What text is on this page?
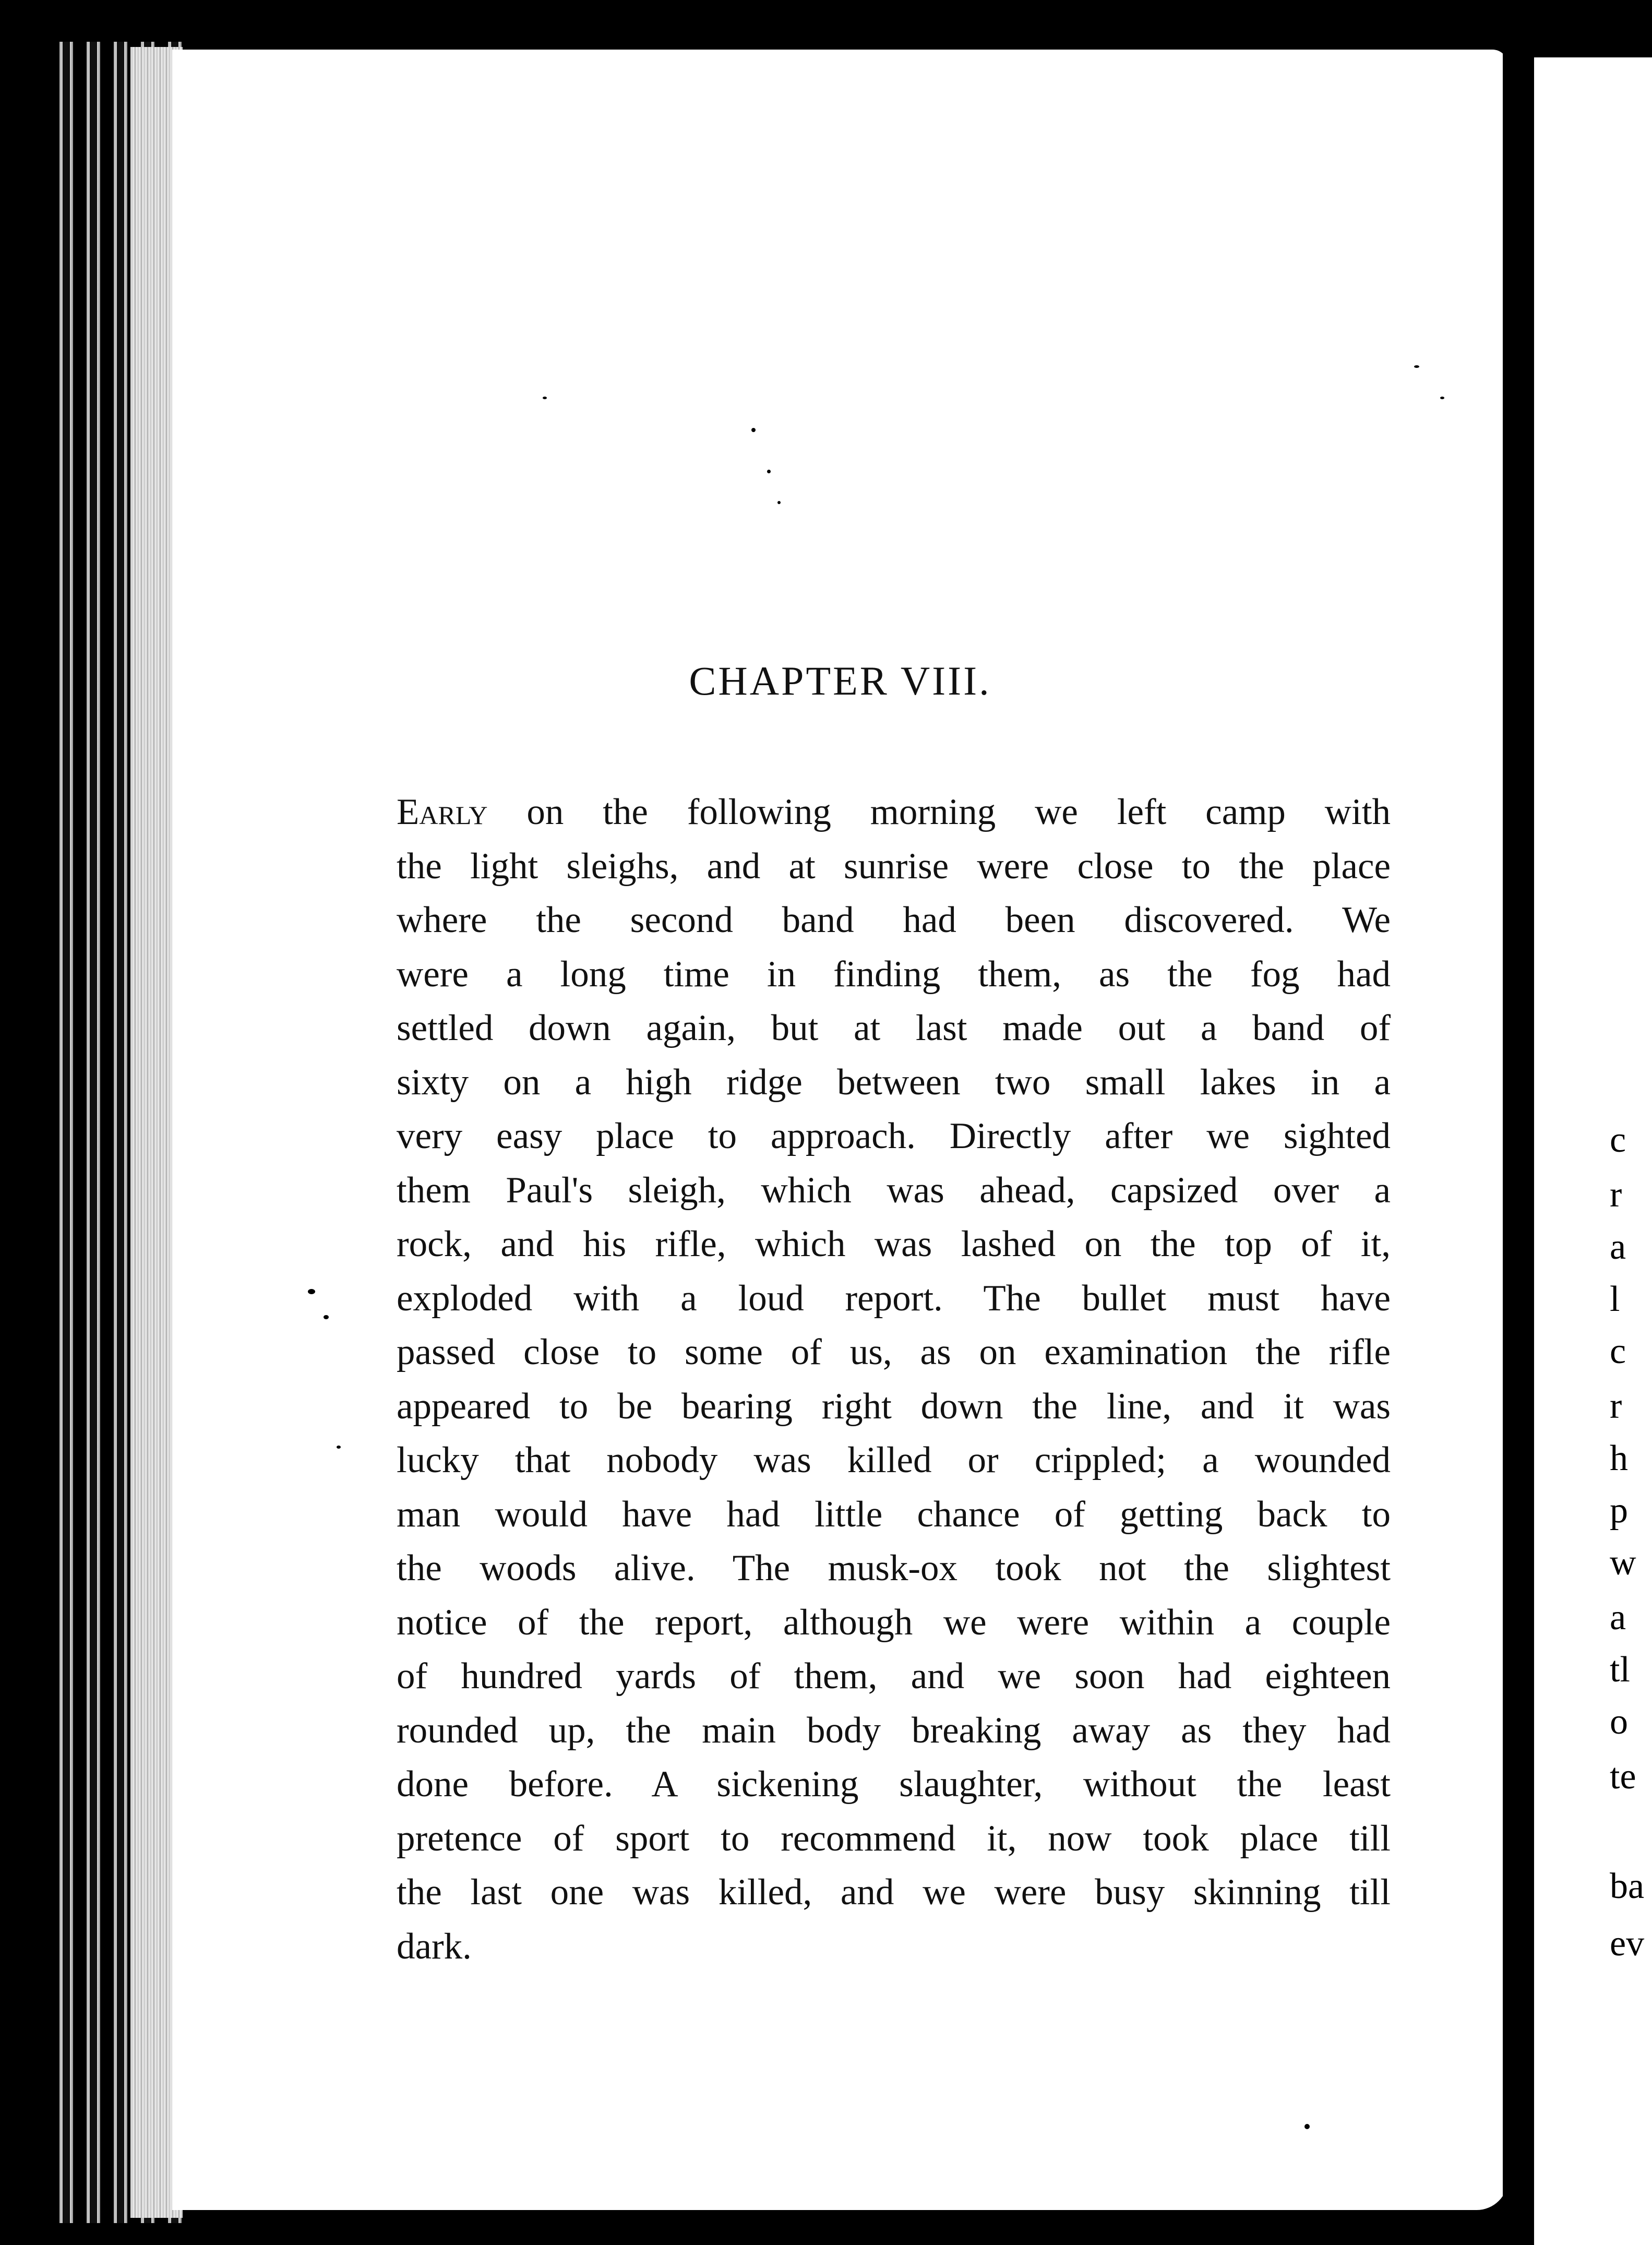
c
r
a
l
c
r
h
p
w
a
tl
o
te
ba
ev
CHAPTER VIII.

Early on the following morning we left camp with
the light sleighs, and at sunrise were close to the place
where the second band had been discovered. We
were a long time in finding them, as the fog had
settled down again, but at last made out a band of
sixty on a high ridge between two small lakes in a
very easy place to approach. Directly after we sighted
them Paul's sleigh, which was ahead, capsized over a
rock, and his rifle, which was lashed on the top of it,
exploded with a loud report. The bullet must have
passed close to some of us, as on examination the rifle
appeared to be bearing right down the line, and it was
lucky that nobody was killed or crippled; a wounded
man would have had little chance of getting back to
the woods alive. The musk-ox took not the slightest
notice of the report, although we were within a couple
of hundred yards of them, and we soon had eighteen
rounded up, the main body breaking away as they had
done before. A sickening slaughter, without the least
pretence of sport to recommend it, now took place till
the last one was killed, and we were busy skinning till
dark.
